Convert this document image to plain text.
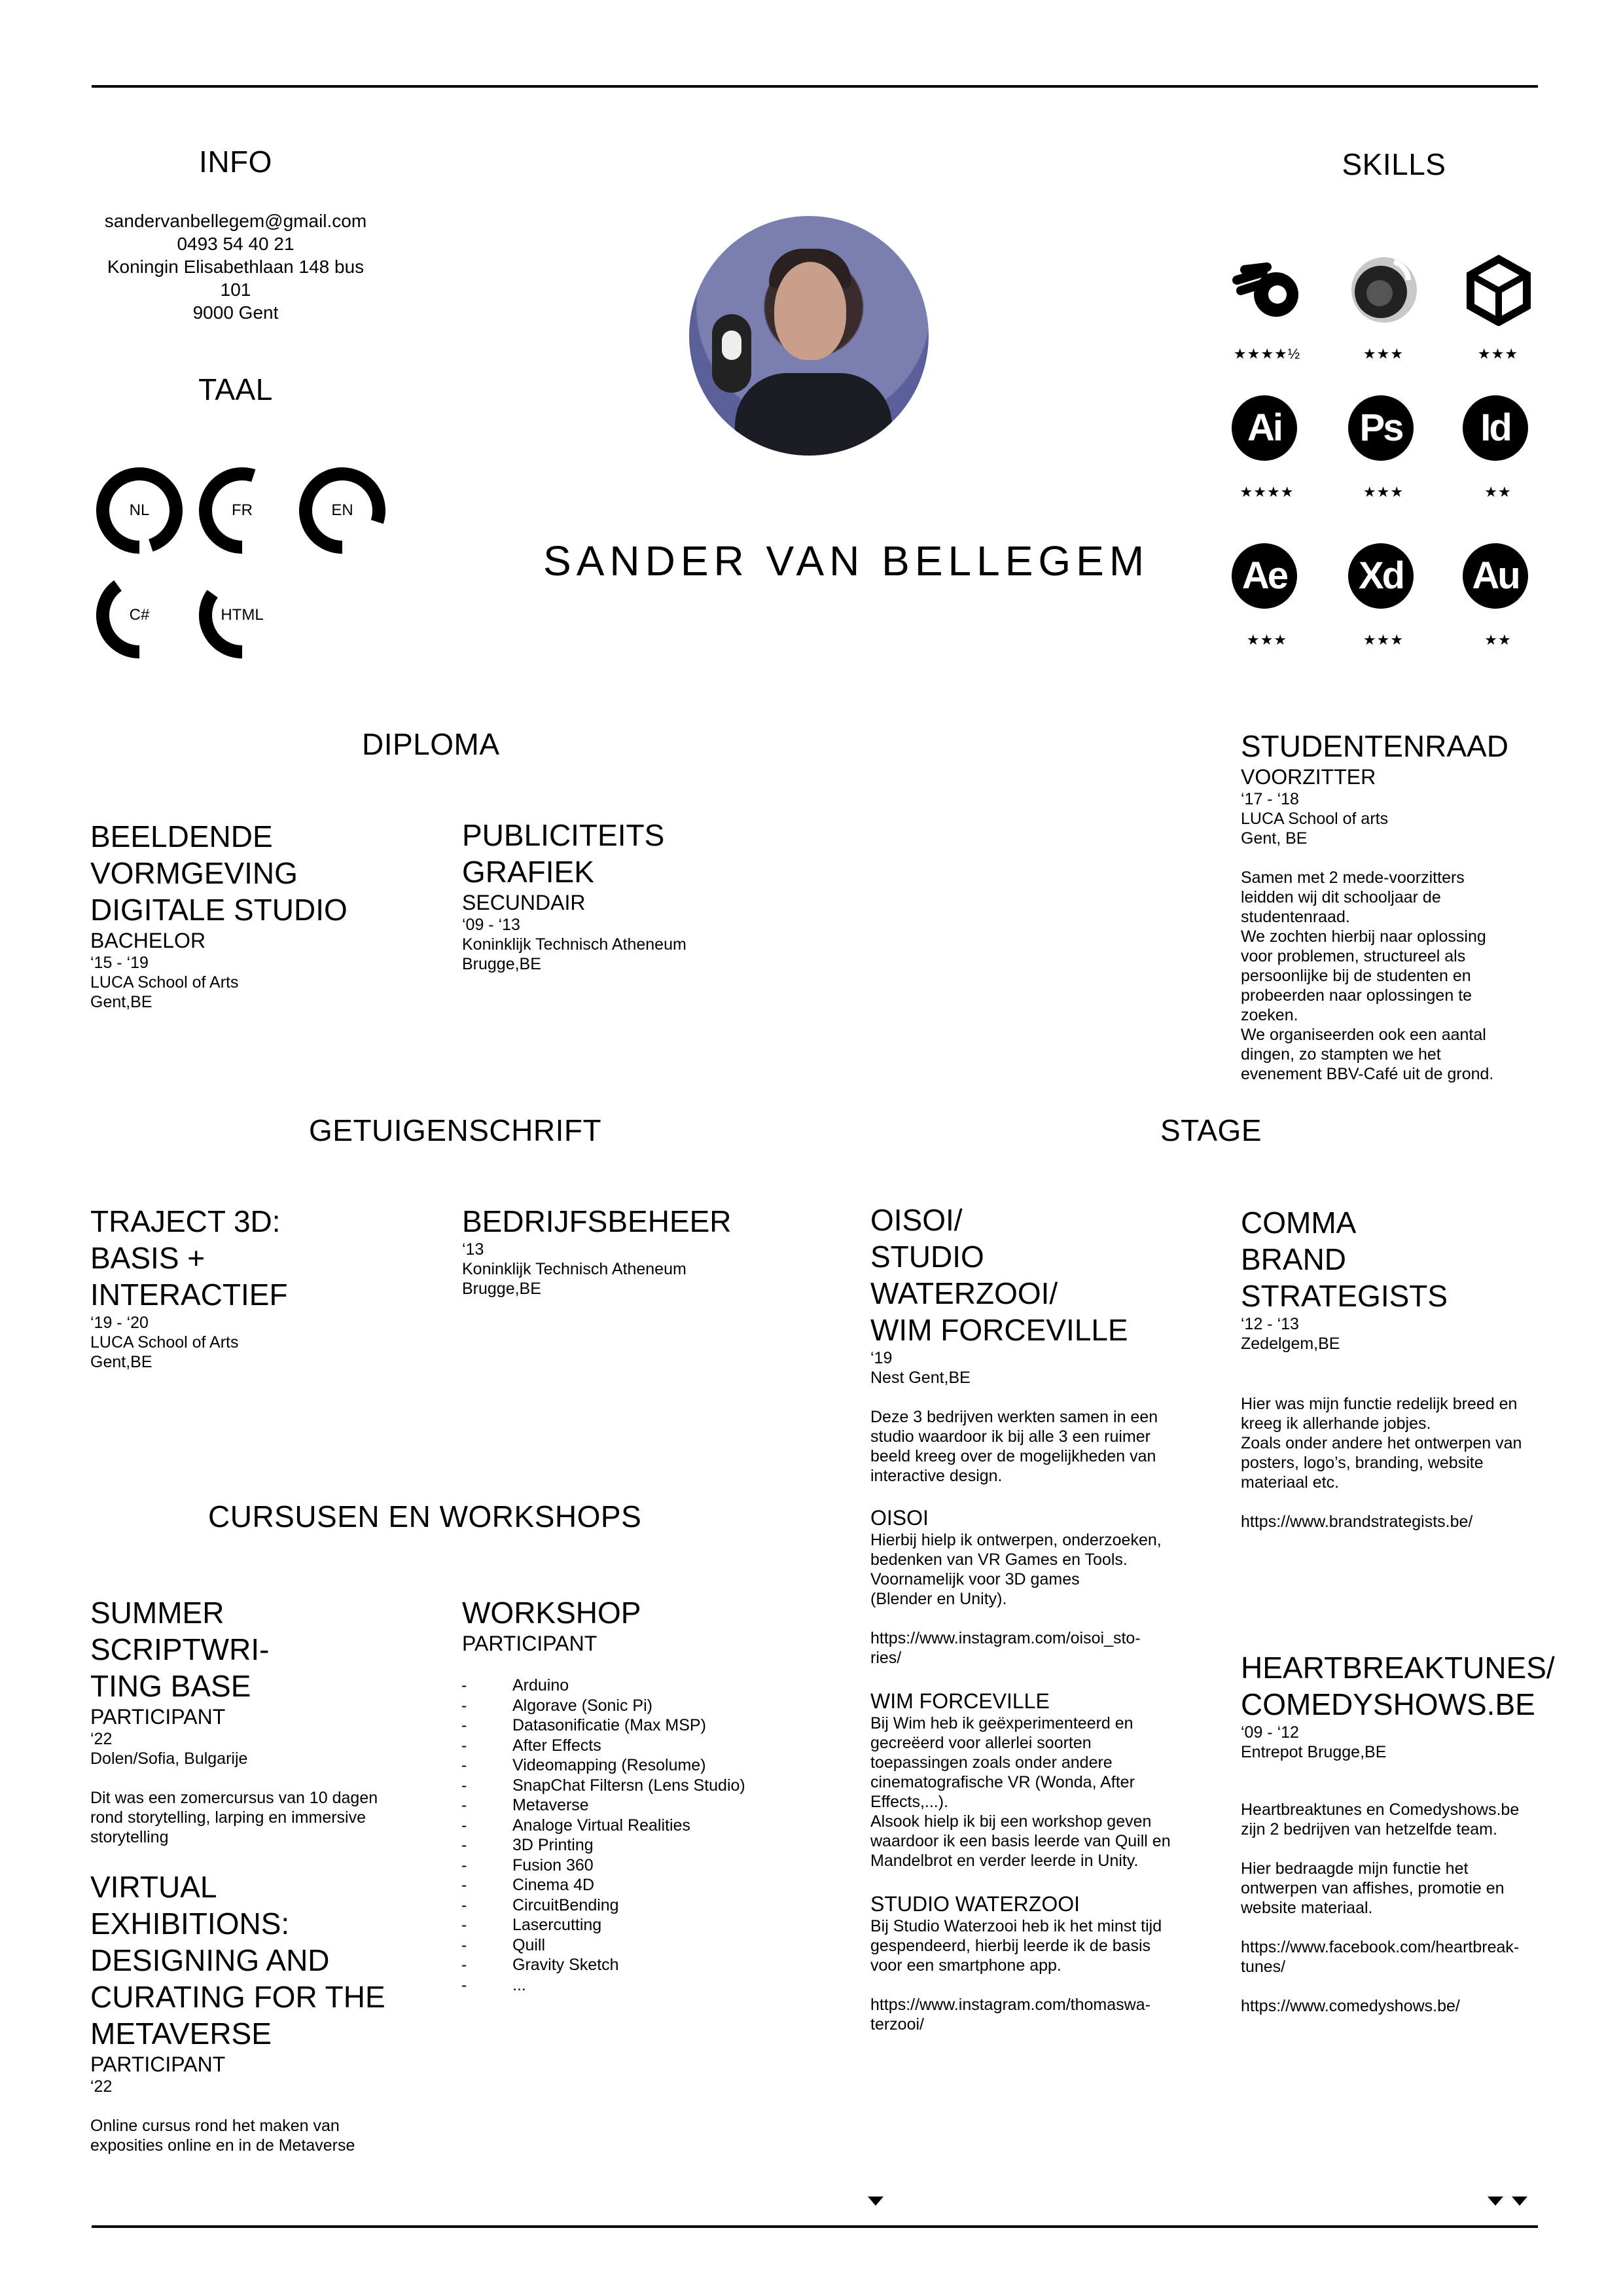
INFO
sandervanbellegem@gmail.com
0493 54 40 21
Koningin Elisabethlaan 148 bus 101
9000 Gent
TAAL
NL	FR	EN
C#	HTML
SANDER VAN BELLEGEM
SKILLS
★★★★½	★★★	★★★
Ai
★★★★
Ps
★★★
Id
★★
Ae
★★★
Xd
★★★
Au
★★
DIPLOMA
BEELDENDE
VORMGEVING
DIGITALE STUDIO
BACHELOR
‘15 - ‘19
LUCA School of Arts
Gent,BE
PUBLICITEITS
GRAFIEK
SECUNDAIR
‘09 - ‘13
Koninklijk Technisch Atheneum
Brugge,BE
STUDENTENRAAD
VOORZITTER
‘17 - ‘18
LUCA School of arts
Gent, BE
Samen met 2 mede-voorzitters
leidden wij dit schooljaar de
studentenraad.
We zochten hierbij naar oplossing
voor problemen, structureel als
persoonlijke bij de studenten en
probeerden naar oplossingen te
zoeken.
We organiseerden ook een aantal
dingen, zo stampten we het
evenement BBV-Café uit de grond.
GETUIGENSCHRIFT
TRAJECT 3D:
BASIS +
INTERACTIEF
‘19 - ‘20
LUCA School of Arts
Gent,BE
BEDRIJFSBEHEER
‘13
Koninklijk Technisch Atheneum
Brugge,BE
STAGE
OISOI/
STUDIO
WATERZOOI/
WIM FORCEVILLE
‘19
Nest Gent,BE
Deze 3 bedrijven werkten samen in een
studio waardoor ik bij alle 3 een ruimer
beeld kreeg over de mogelijkheden van
interactive design.
OISOI
Hierbij hielp ik ontwerpen, onderzoeken,
bedenken van VR Games en Tools.
Voornamelijk voor 3D games
(Blender en Unity).

https://www.instagram.com/oisoi_sto-
ries/
WIM FORCEVILLE
Bij Wim heb ik geëxperimenteerd en
gecreëerd voor allerlei soorten
toepassingen zoals onder andere
cinematografische VR (Wonda, After
Effects,...).
Alsook hielp ik bij een workshop geven
waardoor ik een basis leerde van Quill en
Mandelbrot en verder leerde in Unity.
STUDIO WATERZOOI
Bij Studio Waterzooi heb ik het minst tijd
gespendeerd, hierbij leerde ik de basis
voor een smartphone app.

https://www.instagram.com/thomaswa-
terzooi/
COMMA
BRAND
STRATEGISTS
‘12 - ‘13
Zedelgem,BE
Hier was mijn functie redelijk breed en
kreeg ik allerhande jobjes.
Zoals onder andere het ontwerpen van
posters, logo’s, branding, website
materiaal etc.

https://www.brandstrategists.be/
HEARTBREAKTUNES/
COMEDYSHOWS.BE
‘09 - ‘12
Entrepot Brugge,BE
Heartbreaktunes en Comedyshows.be
zijn 2 bedrijven van hetzelfde team.

Hier bedraagde mijn functie het
ontwerpen van affishes, promotie en
website materiaal.

https://www.facebook.com/heartbreak-
tunes/

https://www.comedyshows.be/
CURSUSEN EN WORKSHOPS
SUMMER SCRIPTWRI-
TING BASE
PARTICIPANT
‘22
Dolen/Sofia, Bulgarije
Dit was een zomercursus van 10 dagen
rond storytelling, larping en immersive
storytelling
VIRTUAL
EXHIBITIONS:
DESIGNING AND
CURATING FOR THE
METAVERSE
PARTICIPANT
‘22
Online cursus rond het maken van
exposities online en in de Metaverse
WORKSHOP
PARTICIPANT
-	Arduino
-	Algorave (Sonic Pi)
-	Datasonificatie (Max MSP)
-	After Effects
-	Videomapping (Resolume)
-	SnapChat Filtersn (Lens Studio)
-	Metaverse
-	Analoge Virtual Realities
-	3D Printing
-	Fusion 360
-	Cinema 4D
-	CircuitBending
-	Lasercutting
-	Quill
-	Gravity Sketch
-	...
